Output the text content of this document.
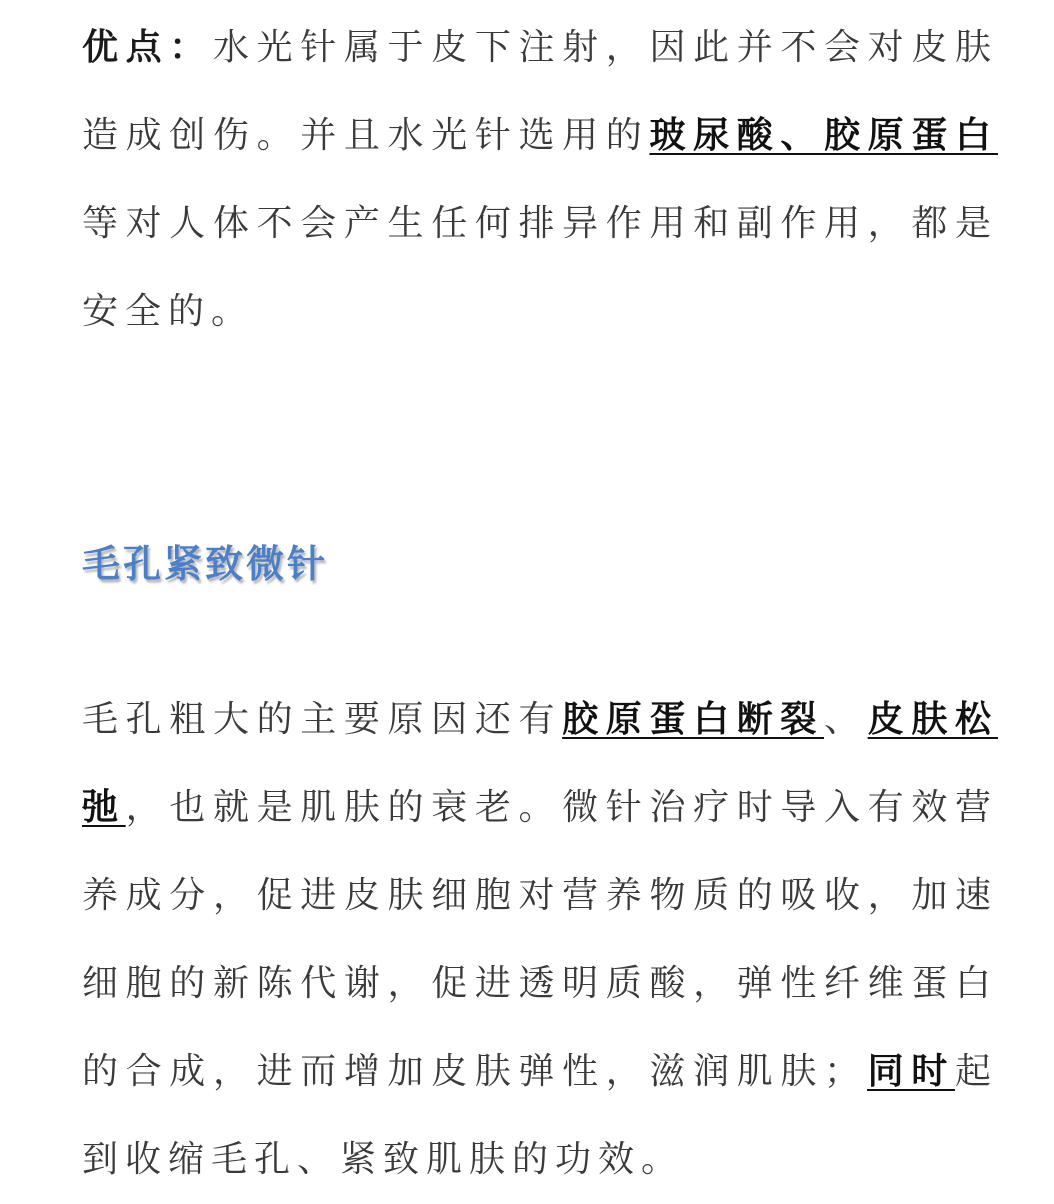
优点：水光针属于皮下注射，因此并不会对皮肤造成创伤。并且水光针选用的玻尿酸、胶原蛋白等对人体不会产生任何排异作用和副作用，都是安全的。

毛孔紧致微针

毛孔粗大的主要原因还有胶原蛋白断裂、皮肤松弛，也就是肌肤的衰老。微针治疗时导入有效营养成分，促进皮肤细胞对营养物质的吸收，加速细胞的新陈代谢，促进透明质酸，弹性纤维蛋白的合成，进而增加皮肤弹性，滋润肌肤；同时起到收缩毛孔、紧致肌肤的功效。
